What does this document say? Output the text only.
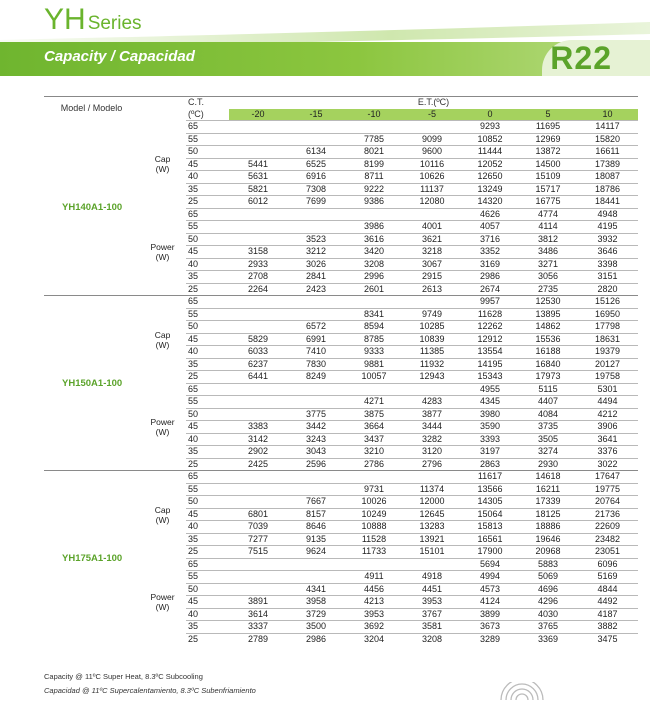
YH Series
Capacity / Capacidad	R22
Model / Modelo		C.T.	E.T.(ºC)						
		(ºC)	-20	-15	-10	-5	0	5	10
YH140A1-100	Cap
(W)	65					9293	11695	14117
		55			7785	9099	10852	12969	15820
		50		6134	8021	9600	11444	13872	16611
		45	5441	6525	8199	10116	12052	14500	17389
		40	5631	6916	8711	10626	12650	15109	18087
		35	5821	7308	9222	11137	13249	15717	18786
		25	6012	7699	9386	12080	14320	16775	18441

	Power
(W)	65					4626	4774	4948
		55			3986	4001	4057	4114	4195
		50		3523	3616	3621	3716	3812	3932
		45	3158	3212	3420	3218	3352	3486	3646
		40	2933	3026	3208	3067	3169	3271	3398
		35	2708	2841	2996	2915	2986	3056	3151
		25	2264	2423	2601	2613	2674	2735	2820
YH150A1-100	Cap
(W)	65					9957	12530	15126
		55			8341	9749	11628	13895	16950
		50		6572	8594	10285	12262	14862	17798
		45	5829	6991	8785	10839	12912	15536	18631
		40	6033	7410	9333	11385	13554	16188	19379
		35	6237	7830	9881	11932	14195	16840	20127
		25	6441	8249	10057	12943	15343	17973	19758

	Power
(W)	65					4955	5115	5301
		55			4271	4283	4345	4407	4494
		50		3775	3875	3877	3980	4084	4212
		45	3383	3442	3664	3444	3590	3735	3906
		40	3142	3243	3437	3282	3393	3505	3641
		35	2902	3043	3210	3120	3197	3274	3376
		25	2425	2596	2786	2796	2863	2930	3022
YH175A1-100	Cap
(W)	65					11617	14618	17647
		55			9731	11374	13566	16211	19775
		50		7667	10026	12000	14305	17339	20764
		45	6801	8157	10249	12645	15064	18125	21736
		40	7039	8646	10888	13283	15813	18886	22609
		35	7277	9135	11528	13921	16561	19646	23482
		25	7515	9624	11733	15101	17900	20968	23051

	Power
(W)	65					5694	5883	6096
		55			4911	4918	4994	5069	5169
		50		4341	4456	4451	4573	4696	4844
		45	3891	3958	4213	3953	4124	4296	4492
		40	3614	3729	3953	3767	3899	4030	4187
		35	3337	3500	3692	3581	3673	3765	3882
		25	2789	2986	3204	3208	3289	3369	3475
Capacity @ 11ºC Super Heat, 8.3ºC Subcooling
Capacidad @ 11ºC Supercalentamiento, 8.3ºC Subenfriamiento
